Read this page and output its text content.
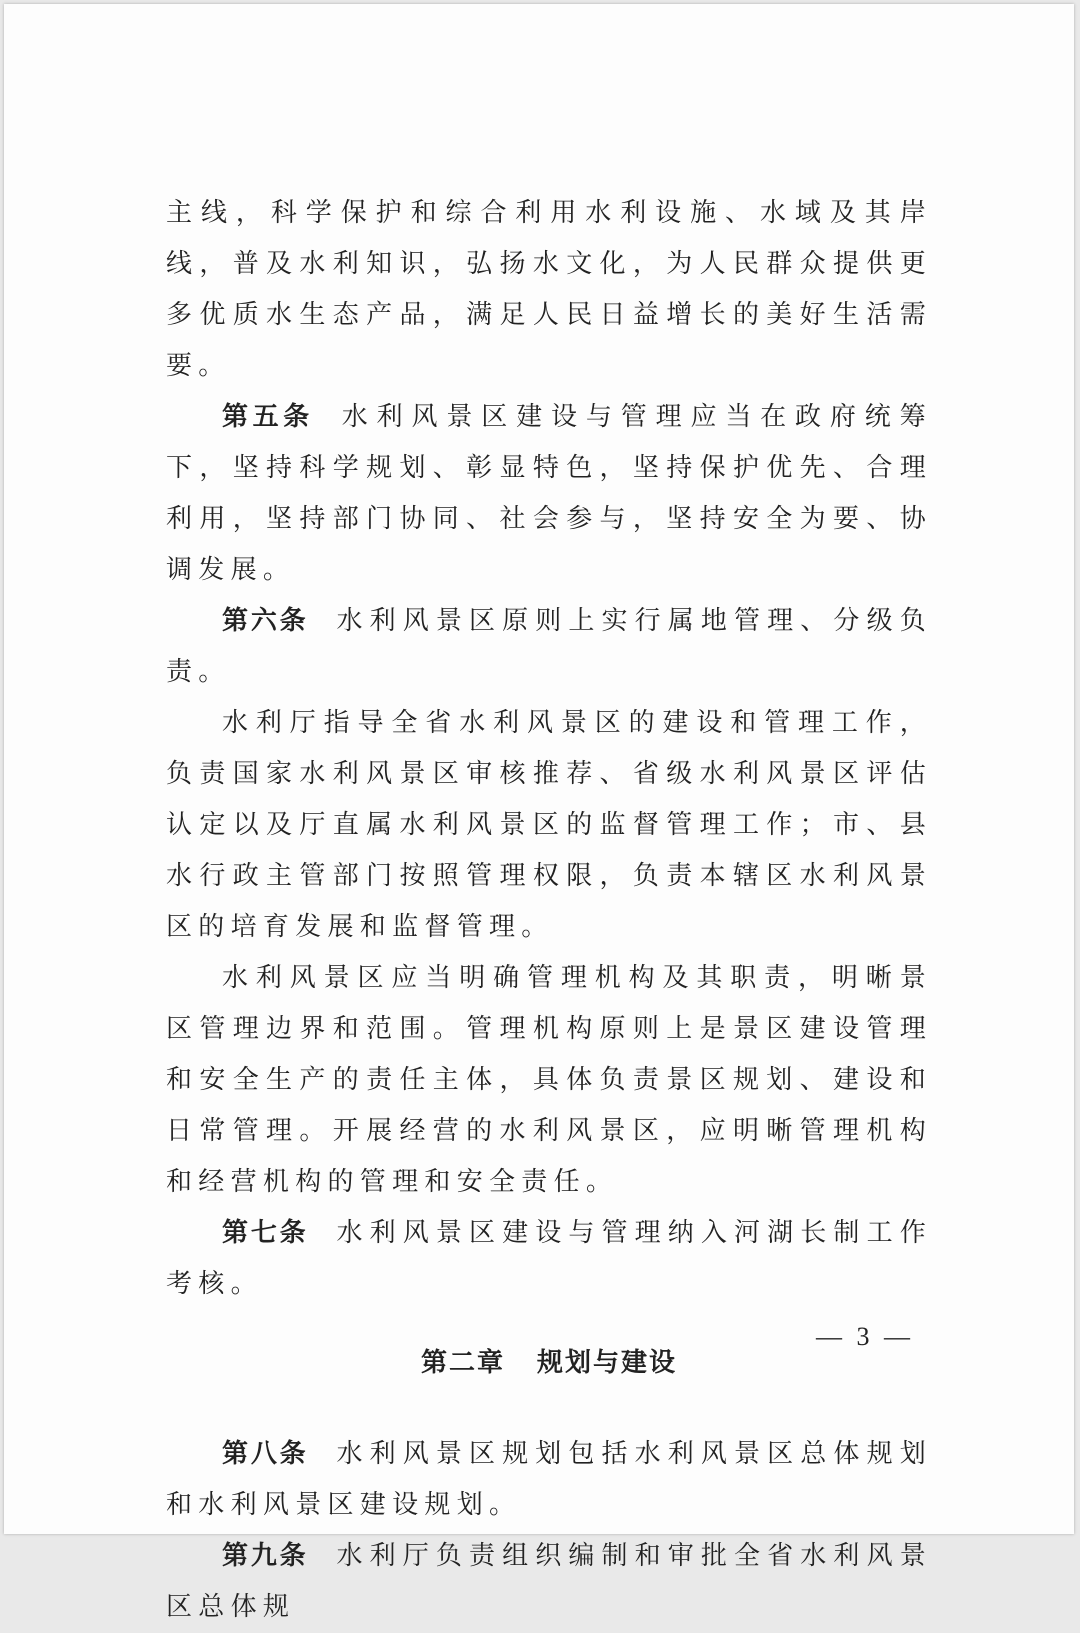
主线，科学保护和综合利用水利设施、水域及其岸线，普及水利知识，弘扬水文化，为人民群众提供更多优质水生态产品，满足人民日益增长的美好生活需要。

第五条 水利风景区建设与管理应当在政府统筹下，坚持科学规划、彰显特色，坚持保护优先、合理利用，坚持部门协同、社会参与，坚持安全为要、协调发展。

第六条 水利风景区原则上实行属地管理、分级负责。

水利厅指导全省水利风景区的建设和管理工作，负责国家水利风景区审核推荐、省级水利风景区评估认定以及厅直属水利风景区的监督管理工作；市、县水行政主管部门按照管理权限，负责本辖区水利风景区的培育发展和监督管理。

水利风景区应当明确管理机构及其职责，明晰景区管理边界和范围。管理机构原则上是景区建设管理和安全生产的责任主体，具体负责景区规划、建设和日常管理。开展经营的水利风景区，应明晰管理机构和经营机构的管理和安全责任。

第七条 水利风景区建设与管理纳入河湖长制工作考核。

第二章 规划与建设

第八条 水利风景区规划包括水利风景区总体规划和水利风景区建设规划。

第九条 水利厅负责组织编制和审批全省水利风景区总体规

— 3 —
